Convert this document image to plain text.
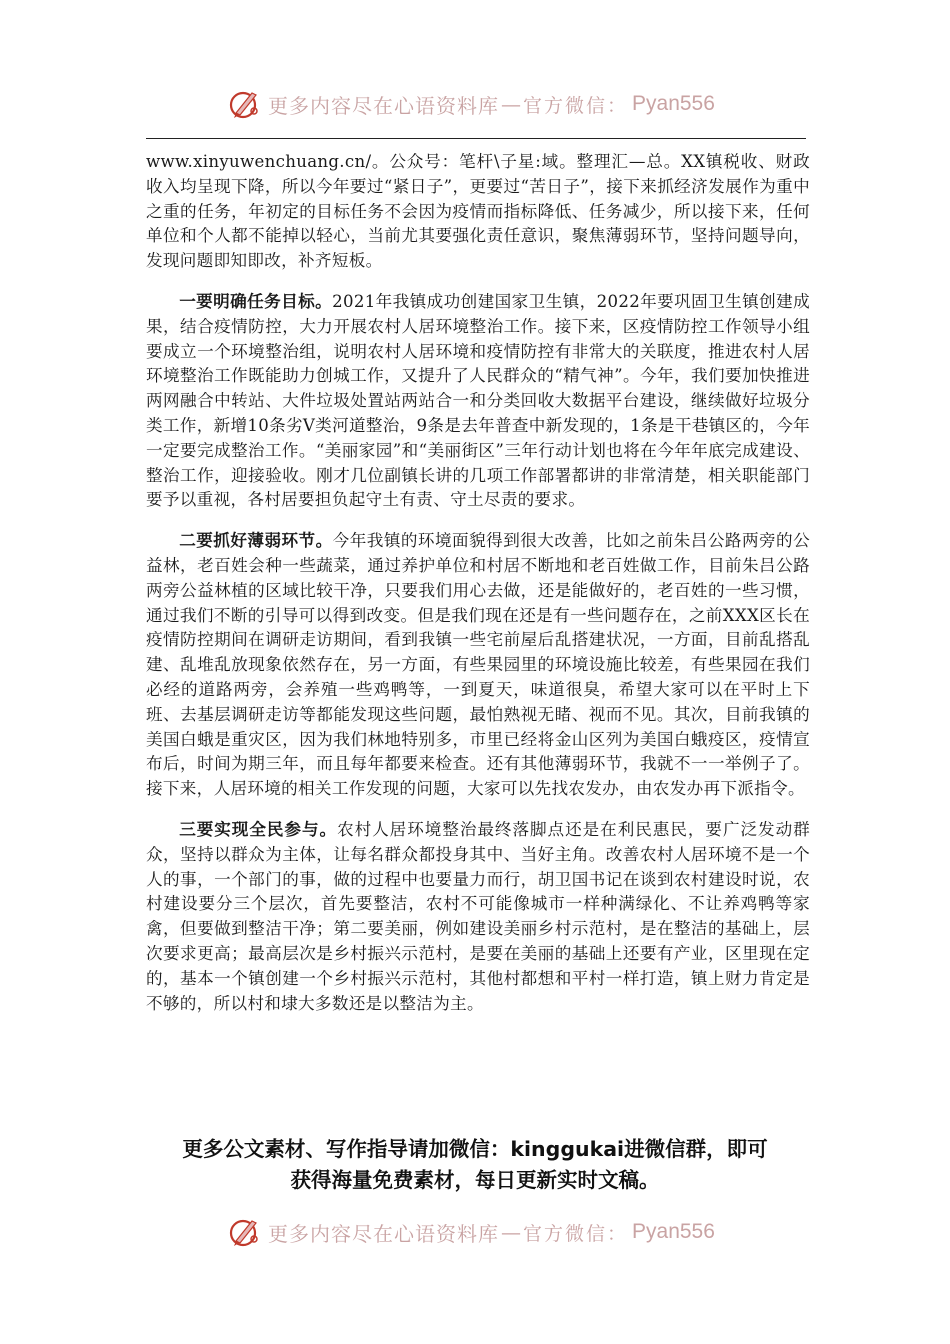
更多内容尽在心语资料库 — 官方微信： Pyan556

www.xinyuwenchuang.cn/。公众号：笔杆\子星:域。整理汇—总。XX镇税收、财政收入均呈现下降，所以今年要过“紧日子”，更要过“苦日子”，接下来抓经济发展作为重中之重的任务，年初定的目标任务不会因为疫情而指标降低、任务减少，所以接下来，任何单位和个人都不能掉以轻心，当前尤其要强化责任意识，聚焦薄弱环节，坚持问题导向，发现问题即知即改，补齐短板。

一要明确任务目标。2021年我镇成功创建国家卫生镇，2022年要巩固卫生镇创建成果，结合疫情防控，大力开展农村人居环境整治工作。接下来，区疫情防控工作领导小组要成立一个环境整治组，说明农村人居环境和疫情防控有非常大的关联度，推进农村人居环境整治工作既能助力创城工作，又提升了人民群众的“精气神”。今年，我们要加快推进两网融合中转站、大件垃圾处置站两站合一和分类回收大数据平台建设，继续做好垃圾分类工作，新增10条劣V类河道整治，9条是去年普查中新发现的，1条是干巷镇区的，今年一定要完成整治工作。“美丽家园”和“美丽街区”三年行动计划也将在今年年底完成建设、整治工作，迎接验收。刚才几位副镇长讲的几项工作部署都讲的非常清楚，相关职能部门要予以重视，各村居要担负起守土有责、守土尽责的要求。

二要抓好薄弱环节。今年我镇的环境面貌得到很大改善，比如之前朱吕公路两旁的公益林，老百姓会种一些蔬菜，通过养护单位和村居不断地和老百姓做工作，目前朱吕公路两旁公益林植的区域比较干净，只要我们用心去做，还是能做好的，老百姓的一些习惯，通过我们不断的引导可以得到改变。但是我们现在还是有一些问题存在，之前XXX区长在疫情防控期间在调研走访期间，看到我镇一些宅前屋后乱搭建状况，一方面，目前乱搭乱建、乱堆乱放现象依然存在，另一方面，有些果园里的环境设施比较差，有些果园在我们必经的道路两旁，会养殖一些鸡鸭等，一到夏天，味道很臭，希望大家可以在平时上下班、去基层调研走访等都能发现这些问题，最怕熟视无睹、视而不见。其次，目前我镇的美国白蛾是重灾区，因为我们林地特别多，市里已经将金山区列为美国白蛾疫区，疫情宣布后，时间为期三年，而且每年都要来检查。还有其他薄弱环节，我就不一一举例子了。接下来，人居环境的相关工作发现的问题，大家可以先找农发办，由农发办再下派指令。

三要实现全民参与。农村人居环境整治最终落脚点还是在利民惠民，要广泛发动群众，坚持以群众为主体，让每名群众都投身其中、当好主角。改善农村人居环境不是一个人的事，一个部门的事，做的过程中也要量力而行，胡卫国书记在谈到农村建设时说，农村建设要分三个层次，首先要整洁，农村不可能像城市一样种满绿化、不让养鸡鸭等家禽，但要做到整洁干净；第二要美丽，例如建设美丽乡村示范村，是在整洁的基础上，层次要求更高；最高层次是乡村振兴示范村，是要在美丽的基础上还要有产业，区里现在定的，基本一个镇创建一个乡村振兴示范村，其他村都想和平村一样打造，镇上财力肯定是不够的，所以村和埭大多数还是以整洁为主。

更多公文素材、写作指导请加微信：kinggukai进微信群，即可
获得海量免费素材，每日更新实时文稿。
更多内容尽在心语资料库 — 官方微信： Pyan556
